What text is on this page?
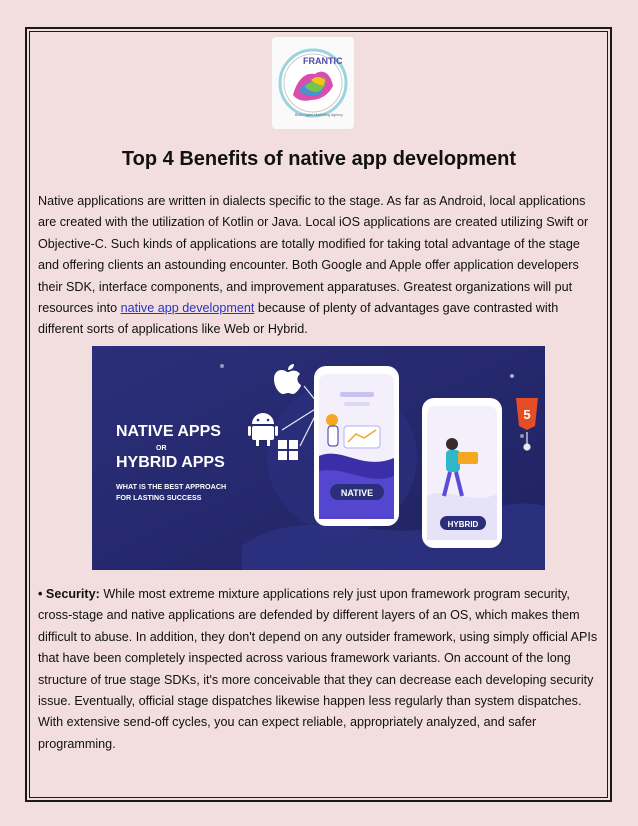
FRANTIC
Best Digital Marketing Agency
Top 4 Benefits of native app development
Native applications are written in dialects specific to the stage. As far as Android, local applications are created with the utilization of Kotlin or Java. Local iOS applications are created utilizing Swift or Objective-C. Such kinds of applications are totally modified for taking total advantage of the stage and offering clients an astounding encounter. Both Google and Apple offer application developers their SDK, interface components, and improvement apparatuses. Greatest organizations will put resources into native app development because of plenty of advantages gave contrasted with different sorts of applications like Web or Hybrid.
NATIVE APPS
OR
HYBRID APPS
WHAT IS THE BEST APPROACH
FOR LASTING SUCCESS	NATIVE
HYBRID
5
• Security: While most extreme mixture applications rely just upon framework program security, cross-stage and native applications are defended by different layers of an OS, which makes them difficult to abuse. In addition, they don't depend on any outsider framework, using simply official APIs that have been completely inspected across various framework variants. On account of the long structure of true stage SDKs, it's more conceivable that they can decrease each developing security issue. Eventually, official stage dispatches likewise happen less regularly than system dispatches. With extensive send-off cycles, you can expect reliable, appropriately analyzed, and safer programming.
